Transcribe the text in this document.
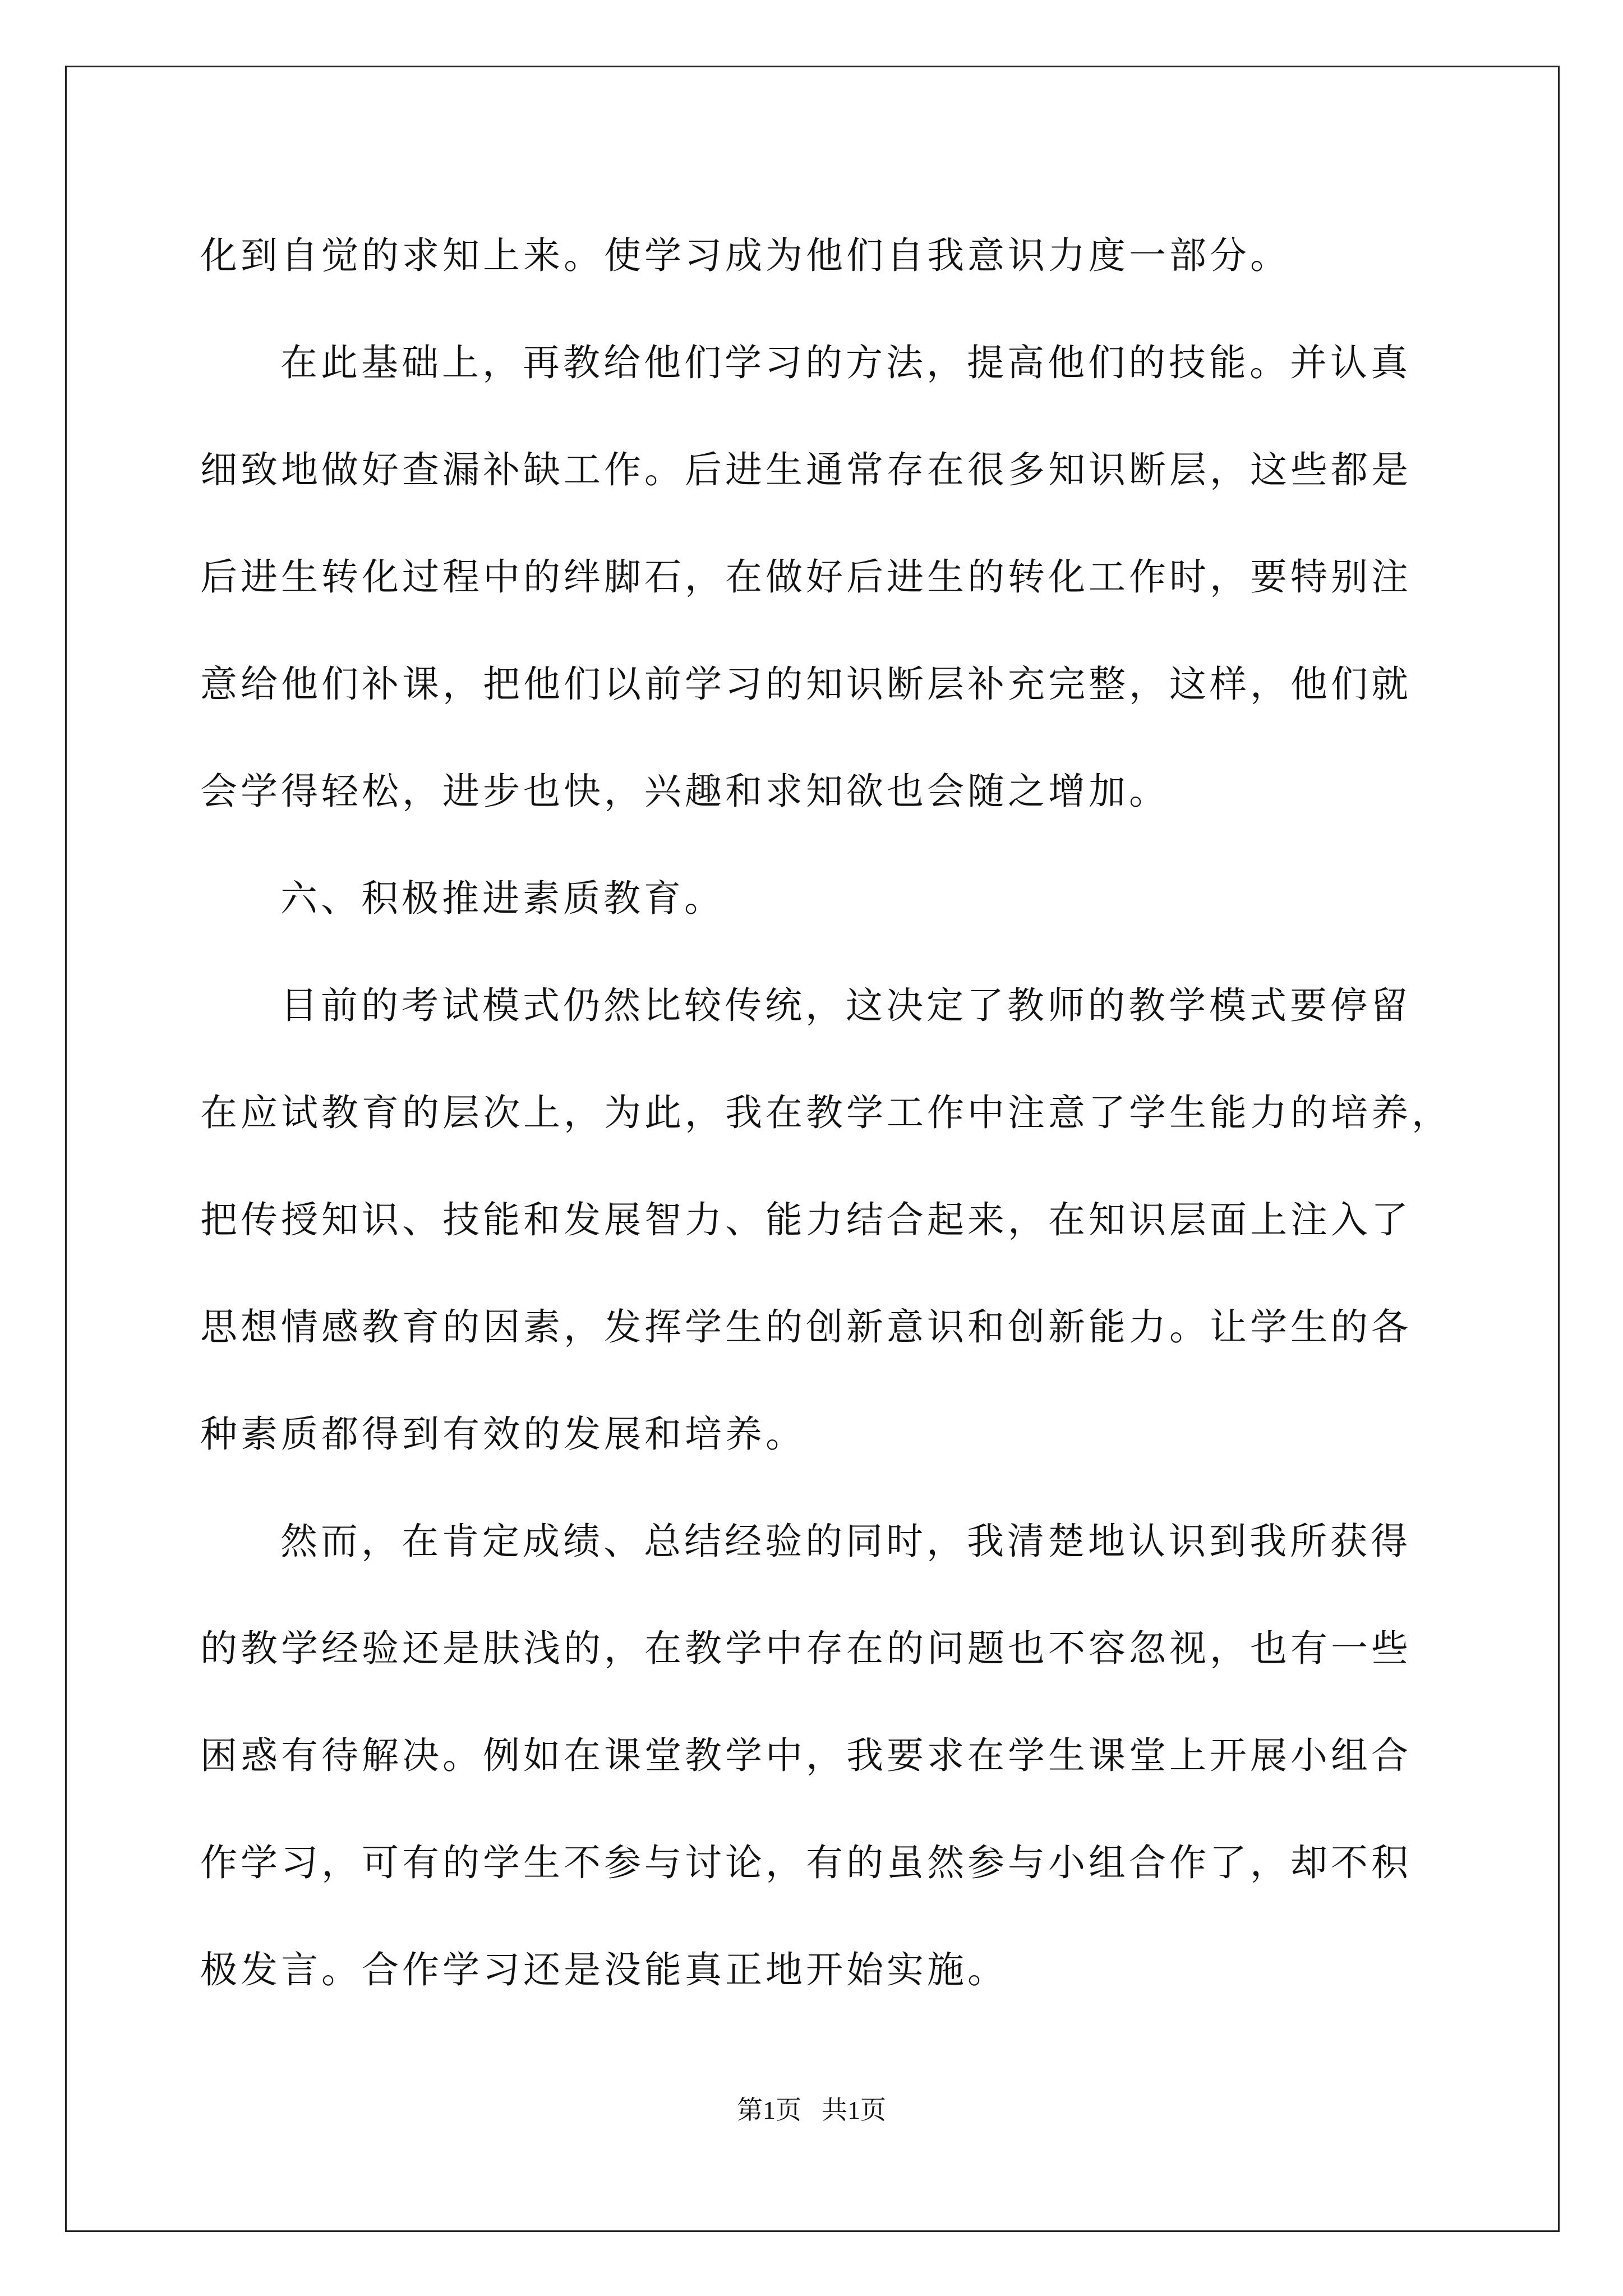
化到自觉的求知上来。使学习成为他们自我意识力度一部分。
在此基础上，再教给他们学习的方法，提高他们的技能。并认真
细致地做好查漏补缺工作。后进生通常存在很多知识断层，这些都是
后进生转化过程中的绊脚石，在做好后进生的转化工作时，要特别注
意给他们补课，把他们以前学习的知识断层补充完整，这样，他们就
会学得轻松，进步也快，兴趣和求知欲也会随之增加。
六、积极推进素质教育。
目前的考试模式仍然比较传统，这决定了教师的教学模式要停留
在应试教育的层次上，为此，我在教学工作中注意了学生能力的培养，
把传授知识、技能和发展智力、能力结合起来，在知识层面上注入了
思想情感教育的因素，发挥学生的创新意识和创新能力。让学生的各
种素质都得到有效的发展和培养。
然而，在肯定成绩、总结经验的同时，我清楚地认识到我所获得
的教学经验还是肤浅的，在教学中存在的问题也不容忽视，也有一些
困惑有待解决。例如在课堂教学中，我要求在学生课堂上开展小组合
作学习，可有的学生不参与讨论，有的虽然参与小组合作了，却不积
极发言。合作学习还是没能真正地开始实施。
第1页 共1页
